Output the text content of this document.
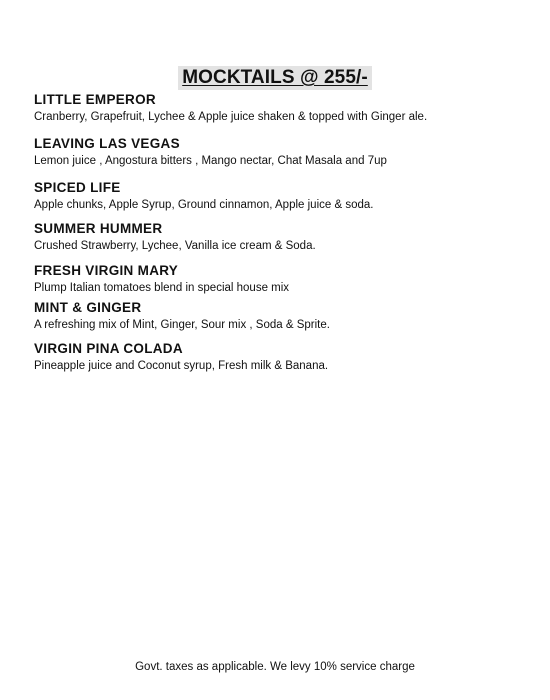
MOCKTAILS @ 255/-
LITTLE EMPEROR
Cranberry, Grapefruit, Lychee & Apple juice shaken & topped with Ginger ale.
LEAVING LAS VEGAS
Lemon juice , Angostura bitters , Mango nectar, Chat Masala and 7up
SPICED LIFE
Apple chunks, Apple Syrup, Ground cinnamon, Apple juice & soda.
SUMMER HUMMER
Crushed Strawberry, Lychee, Vanilla ice cream & Soda.
FRESH VIRGIN MARY
Plump Italian tomatoes blend in special house mix
MINT & GINGER
A refreshing mix of Mint, Ginger, Sour mix , Soda & Sprite.
VIRGIN PINA COLADA
Pineapple juice and Coconut syrup, Fresh milk & Banana.
Govt. taxes as applicable. We levy 10% service charge
